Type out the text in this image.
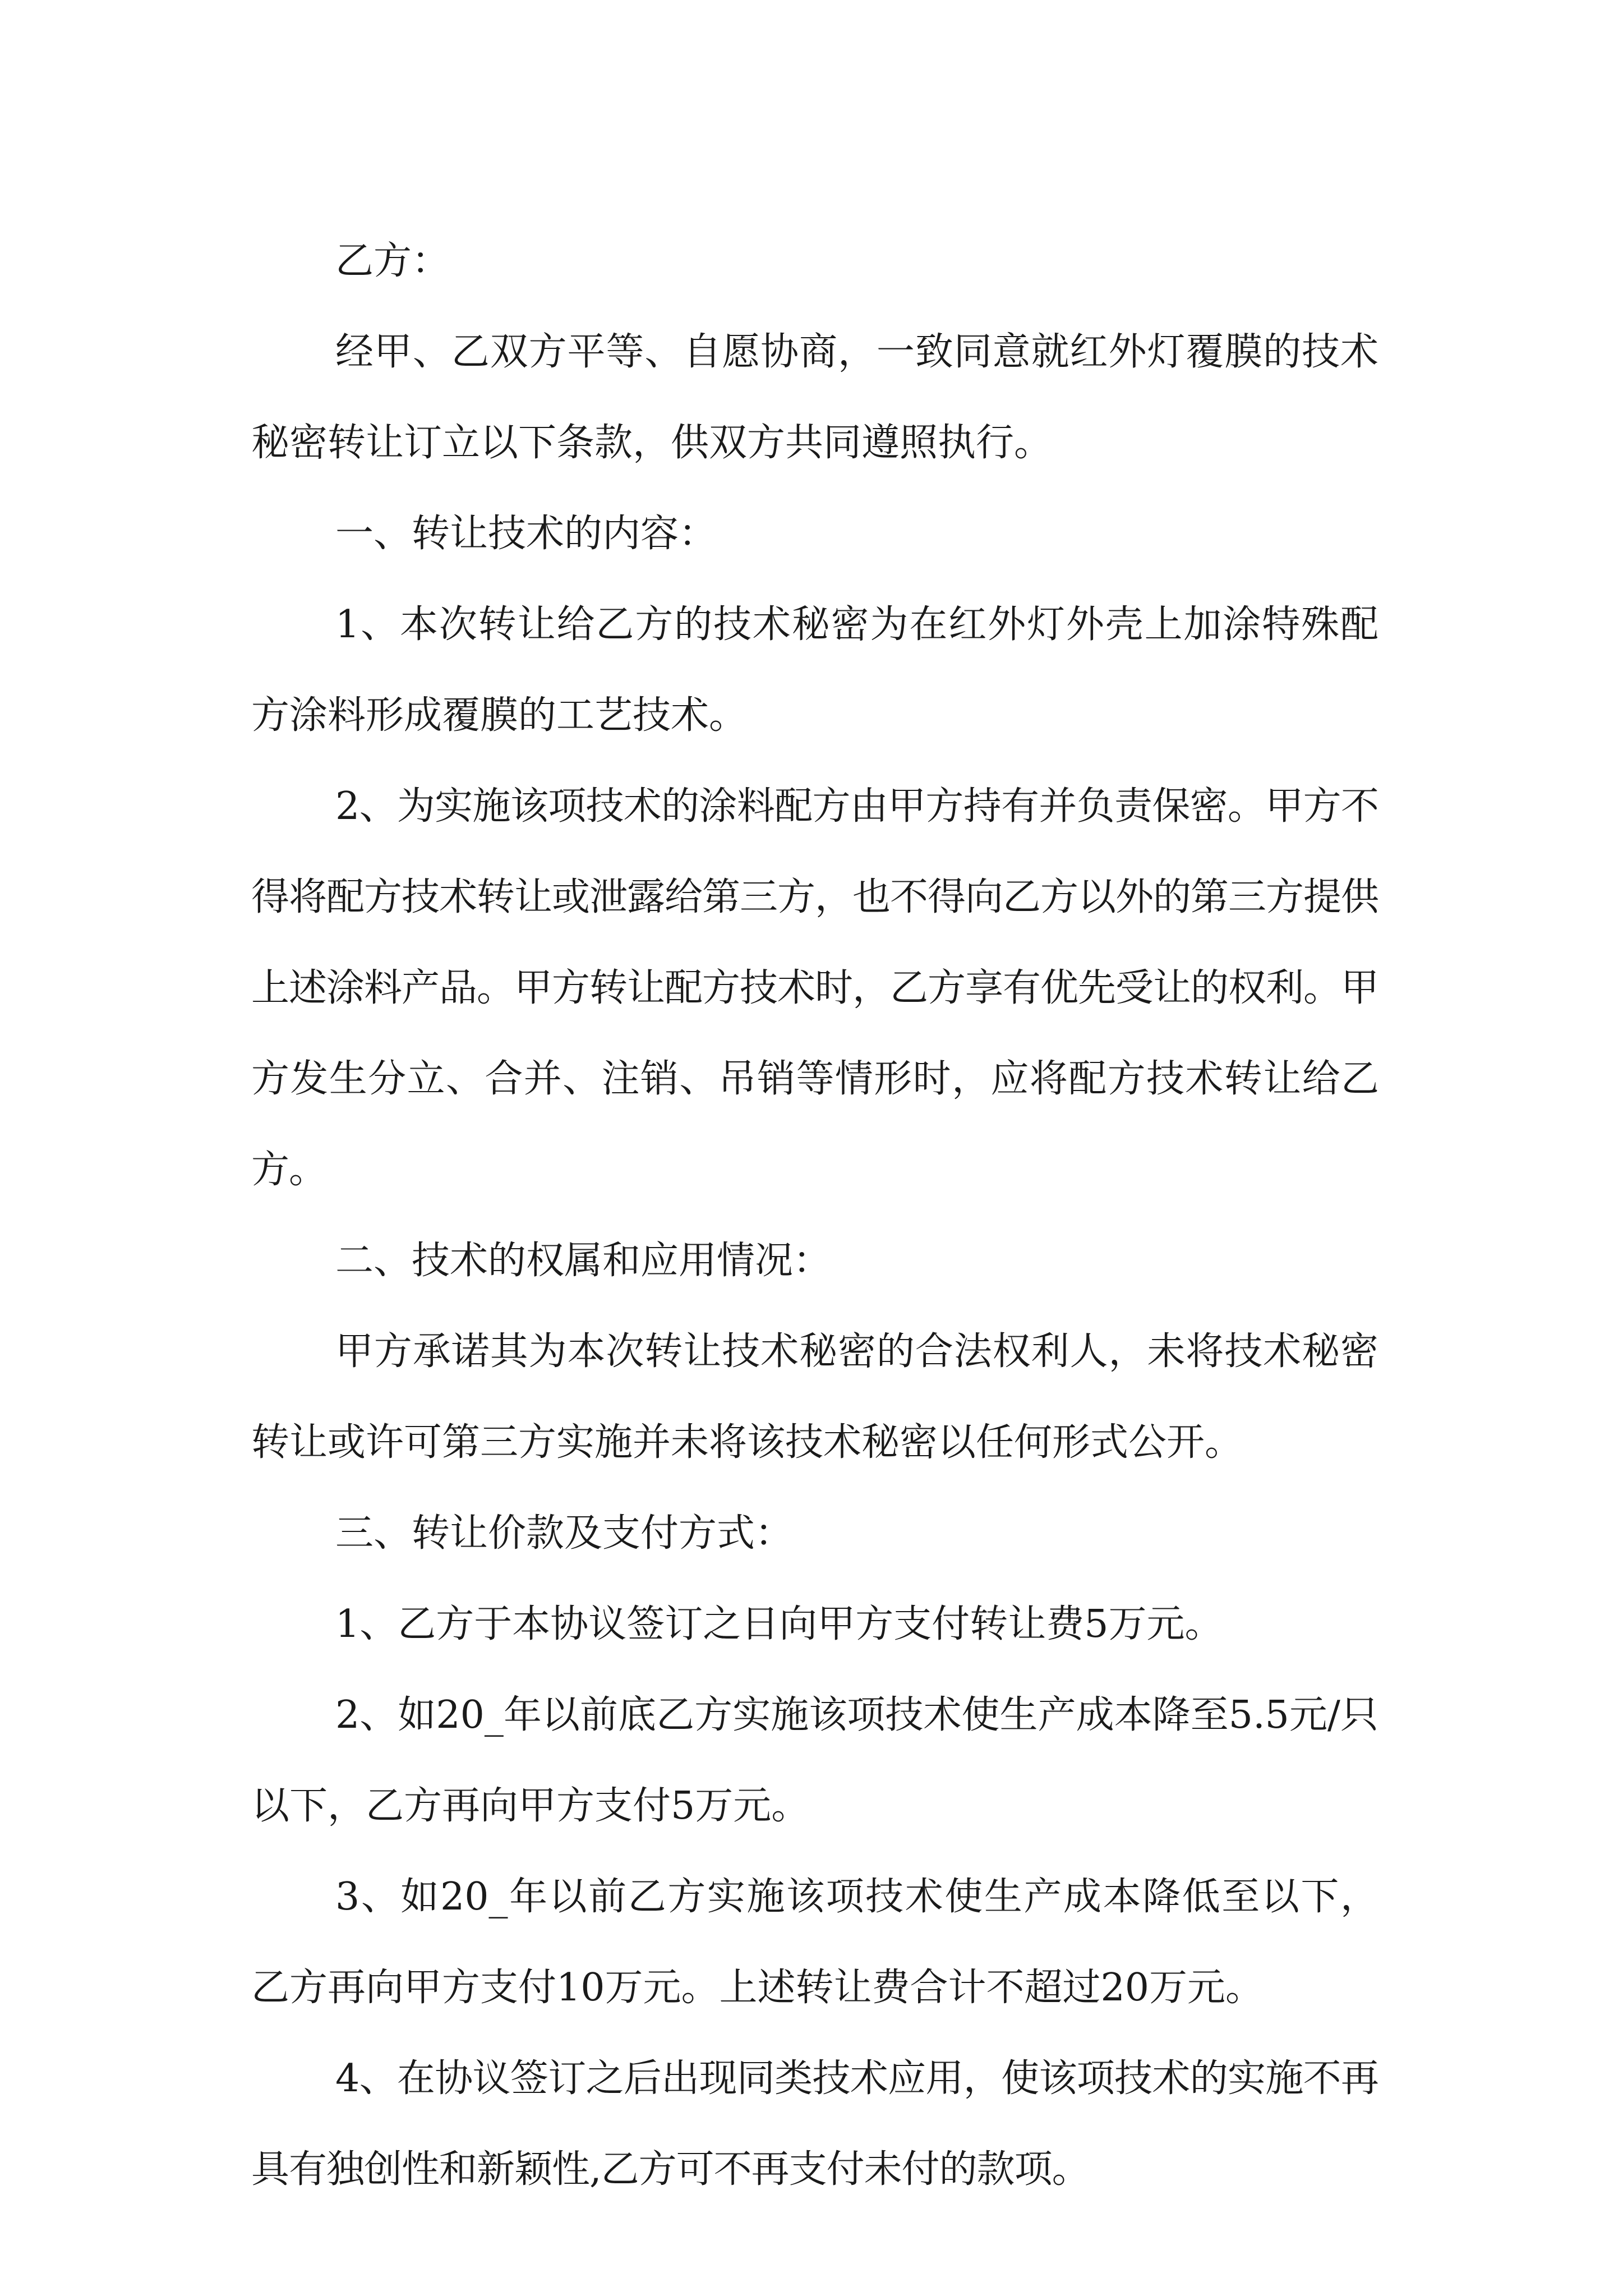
乙方：

经甲、乙双方平等、自愿协商，一致同意就红外灯覆膜的技术秘密转让订立以下条款，供双方共同遵照执行。

一、转让技术的内容：

1、本次转让给乙方的技术秘密为在红外灯外壳上加涂特殊配方涂料形成覆膜的工艺技术。

2、为实施该项技术的涂料配方由甲方持有并负责保密。甲方不得将配方技术转让或泄露给第三方，也不得向乙方以外的第三方提供上述涂料产品。甲方转让配方技术时，乙方享有优先受让的权利。甲方发生分立、合并、注销、吊销等情形时，应将配方技术转让给乙方。

二、技术的权属和应用情况：

甲方承诺其为本次转让技术秘密的合法权利人，未将技术秘密转让或许可第三方实施并未将该技术秘密以任何形式公开。

三、转让价款及支付方式：

1、乙方于本协议签订之日向甲方支付转让费5万元。

2、如20_年以前底乙方实施该项技术使生产成本降至5.5元/只以下，乙方再向甲方支付5万元。

3、如20_年以前乙方实施该项技术使生产成本降低至以下，乙方再向甲方支付10万元。上述转让费合计不超过20万元。

4、在协议签订之后出现同类技术应用，使该项技术的实施不再具有独创性和新颖性,乙方可不再支付未付的款项。
